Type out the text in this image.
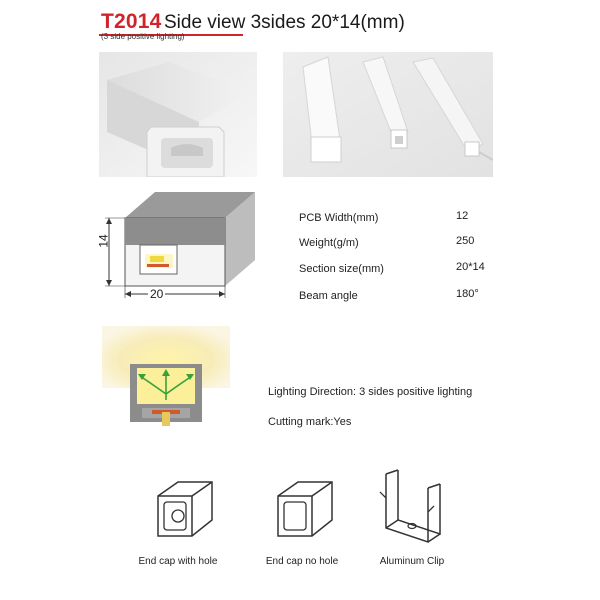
T2014 Side view 3sides 20*14(mm)
(3 side positive lighting)
14
20
PCB Width(mm)	12
Weight(g/m)	250
Section size(mm)	20*14
Beam angle	180°
Lighting Direction: 3 sides positive lighting
Cutting mark:Yes
End cap with hole	End cap no hole	Aluminum Clip
